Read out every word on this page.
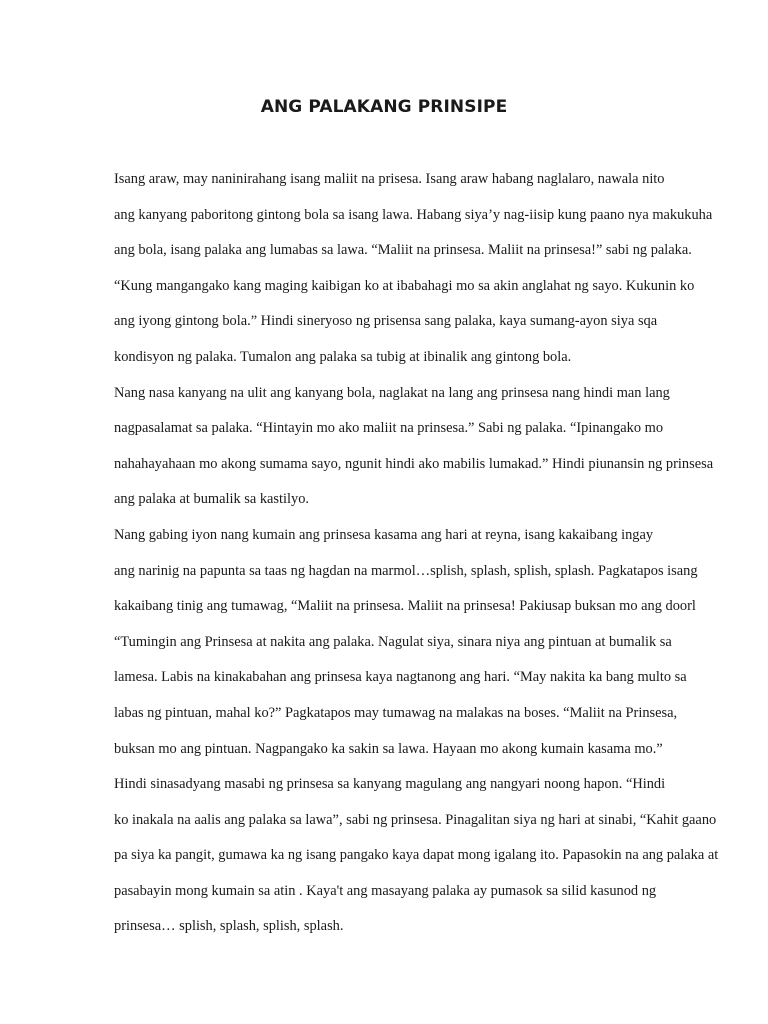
ANG PALAKANG PRINSIPE

Isang araw, may naninirahang isang maliit na prisesa. Isang araw habang naglalaro, nawala nito
ang kanyang paboritong gintong bola sa isang lawa. Habang siya’y nag-iisip kung paano nya makukuha
ang bola, isang palaka ang lumabas sa lawa. “Maliit na prinsesa. Maliit na prinsesa!” sabi ng palaka.
“Kung mangangako kang maging kaibigan ko at ibabahagi mo sa akin anglahat ng sayo. Kukunin ko
ang iyong gintong bola.” Hindi sineryoso ng prisensa sang palaka, kaya sumang-ayon siya sqa
kondisyon ng palaka. Tumalon ang palaka sa tubig at ibinalik ang gintong bola.

Nang nasa kanyang na ulit ang kanyang bola, naglakat na lang ang prinsesa nang hindi man lang
nagpasalamat sa palaka. “Hintayin mo ako maliit na prinsesa.” Sabi ng palaka. “Ipinangako mo
nahahayahaan mo akong sumama sayo, ngunit hindi ako mabilis lumakad.” Hindi piunansin ng prinsesa
ang palaka at bumalik sa kastilyo.

Nang gabing iyon nang kumain ang prinsesa kasama ang hari at reyna, isang kakaibang ingay
ang narinig na papunta sa taas ng hagdan na marmol…splish, splash, splish, splash. Pagkatapos isang
kakaibang tinig ang tumawag, “Maliit na prinsesa. Maliit na prinsesa! Pakiusap buksan mo ang doorl
“Tumingin ang Prinsesa at nakita ang palaka. Nagulat siya, sinara niya ang pintuan at bumalik sa
lamesa. Labis na kinakabahan ang prinsesa kaya nagtanong ang hari. “May nakita ka bang multo sa
labas ng pintuan, mahal ko?” Pagkatapos may tumawag na malakas na boses. “Maliit na Prinsesa,
buksan mo ang pintuan. Nagpangako ka sakin sa lawa. Hayaan mo akong kumain kasama mo.”

Hindi sinasadyang masabi ng prinsesa sa kanyang magulang ang nangyari noong hapon. “Hindi
ko inakala na aalis ang palaka sa lawa”, sabi ng prinsesa. Pinagalitan siya ng hari at sinabi, “Kahit gaano
pa siya ka pangit, gumawa ka ng isang pangako kaya dapat mong igalang ito. Papasokin na ang palaka at
pasabayin mong kumain sa atin . Kaya't ang masayang palaka ay pumasok sa silid kasunod ng
prinsesa… splish, splash, splish, splash.
